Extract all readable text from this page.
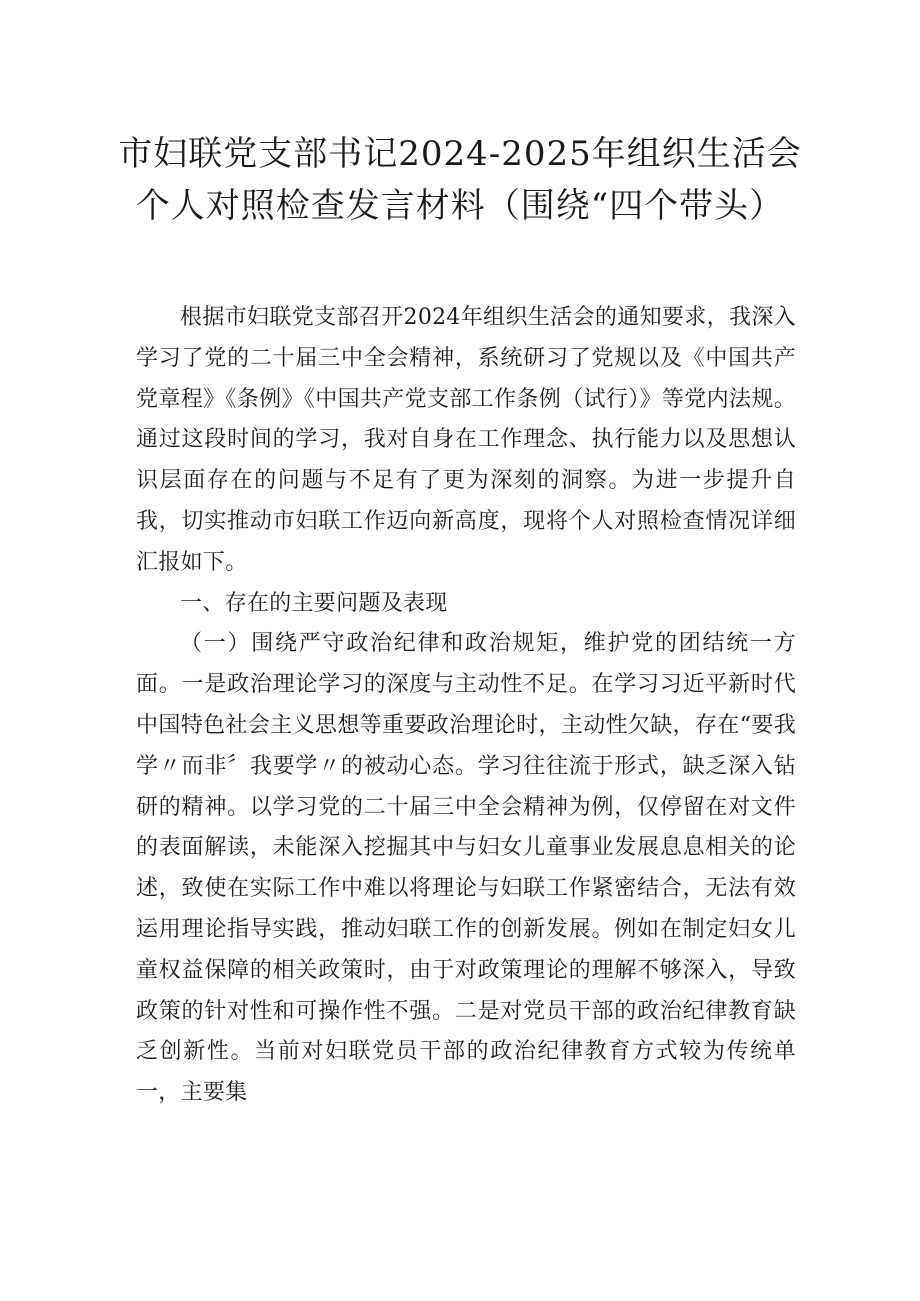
市妇联党支部书记2024-2025年组织生活会
个人对照检查发言材料（围绕“四个带头）

根据市妇联党支部召开2024年组织生活会的通知要求，我深入学习了党的二十届三中全会精神，系统研习了党规以及《中国共产党章程》《条例》《中国共产党支部工作条例（试行）》等党内法规。通过这段时间的学习，我对自身在工作理念、执行能力以及思想认识层面存在的问题与不足有了更为深刻的洞察。为进一步提升自我，切实推动市妇联工作迈向新高度，现将个人对照检查情况详细汇报如下。

一、存在的主要问题及表现

（一）围绕严守政治纪律和政治规矩，维护党的团结统一方面。一是政治理论学习的深度与主动性不足。在学习习近平新时代中国特色社会主义思想等重要政治理论时，主动性欠缺，存在“要我学〃而非〞我要学〃的被动心态。学习往往流于形式，缺乏深入钻研的精神。以学习党的二十届三中全会精神为例，仅停留在对文件的表面解读，未能深入挖掘其中与妇女儿童事业发展息息相关的论述，致使在实际工作中难以将理论与妇联工作紧密结合，无法有效运用理论指导实践，推动妇联工作的创新发展。例如在制定妇女儿童权益保障的相关政策时，由于对政策理论的理解不够深入，导致政策的针对性和可操作性不强。二是对党员干部的政治纪律教育缺乏创新性。当前对妇联党员干部的政治纪律教育方式较为传统单一，主要集
